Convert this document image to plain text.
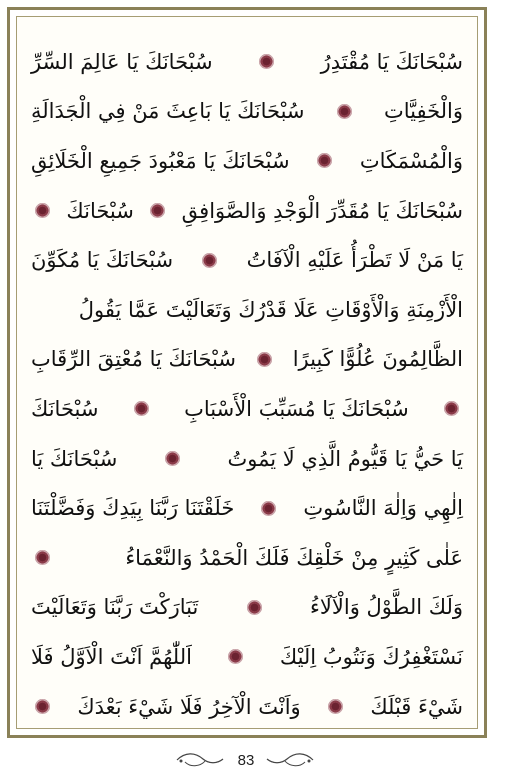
سُبْحَانَكَ يَا مُقْتَدِرُ
سُبْحَانَكَ يَا عَالِمَ السِّرِّ
وَالْخَفِيَّاتِ
سُبْحَانَكَ يَا بَاعِثَ مَنْ فِي الْجَدَالَةِ
وَالْمُسْمَكَاتِ
سُبْحَانَكَ يَا مَعْبُودَ جَمِيعِ الْخَلَائِقِ
سُبْحَانَكَ يَا مُقَدِّرَ الْوَجْدِ وَالصَّوَافِقِ
سُبْحَانَكَ
يَا مَنْ لَا تَطْرَأُ عَلَيْهِ الْآفَاتُ
سُبْحَانَكَ يَا مُكَوِّنَ
الْأَزْمِنَةِ وَالْأَوْقَاتِ عَلَا قَدْرُكَ وَتَعَالَيْتَ عَمَّا يَقُولُ
الظَّالِمُونَ عُلُوًّا كَبِيرًا
سُبْحَانَكَ يَا مُعْتِقَ الرِّقَابِ
سُبْحَانَكَ يَا مُسَبِّبَ الْأَسْبَابِ
سُبْحَانَكَ
يَا حَيُّ يَا قَيُّومُ الَّذِي لَا يَمُوتُ
سُبْحَانَكَ يَا
اِلٰهِي وَاِلٰهَ النَّاسُوتِ
خَلَقْتَنَا رَبَّنَا بِيَدِكَ وَفَضَّلْتَنَا
عَلٰى كَثِيرٍ مِنْ خَلْقِكَ فَلَكَ الْحَمْدُ وَالنَّعْمَاءُ
وَلَكَ الطَّوْلُ وَالْآلَاءُ
تَبَارَكْتَ رَبَّنَا وَتَعَالَيْتَ
نَسْتَغْفِرُكَ وَنَتُوبُ اِلَيْكَ
اَللّٰهُمَّ اَنْتَ الْاَوَّلُ فَلَا
شَيْءَ قَبْلَكَ
وَاَنْتَ الْآخِرُ فَلَا شَيْءَ بَعْدَكَ
83
